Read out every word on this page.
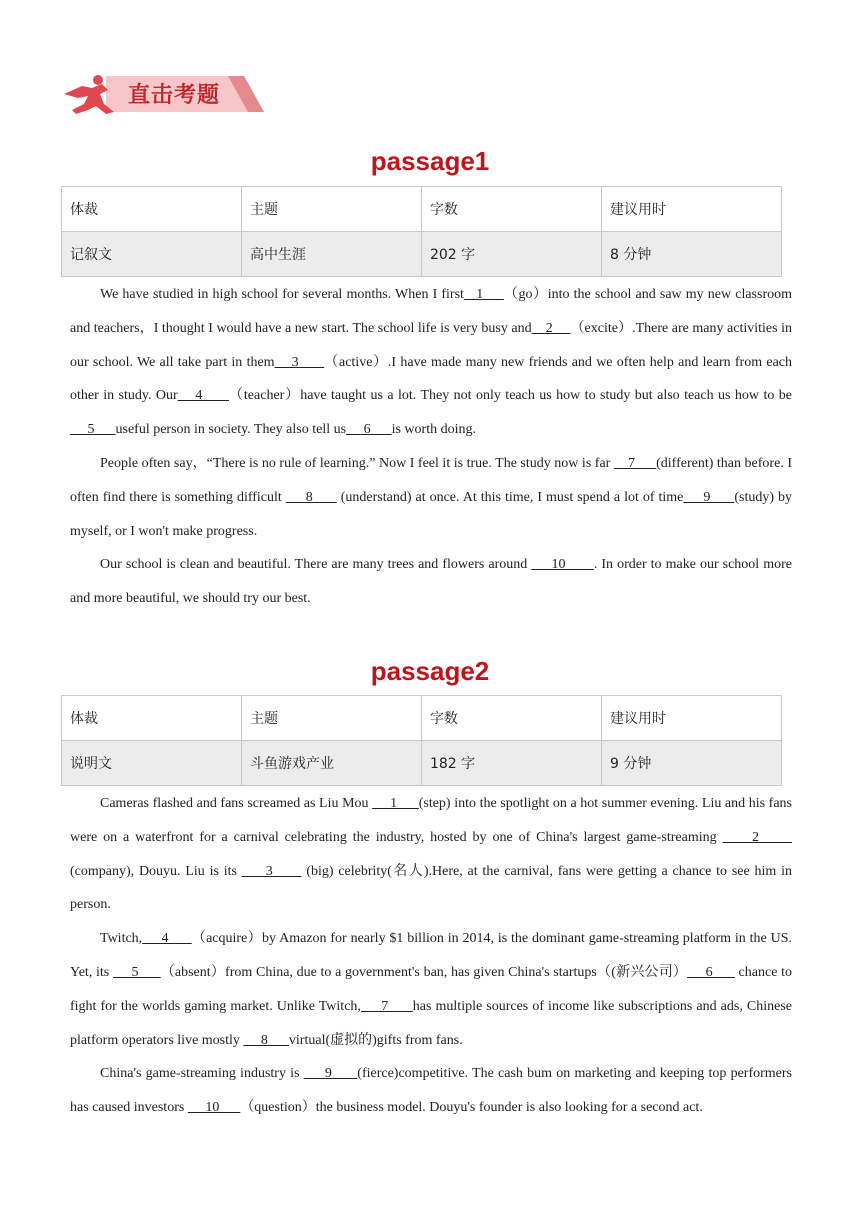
直击考题
passage1
体裁	主题	字数	建议用时
记叙文	高中生涯	202 字	8 分钟

We have studied in high school for several months. When I first   1     （go）into the school and saw my new classroom and teachers，I thought I would have a new start. The school life is very busy and    2     （excite）.There are many activities in our school. We all take part in them    3      （active）.I have made many new friends and we often help and learn from each other in study. Our    4      （teacher）have taught us a lot. They not only teach us how to study but also teach us how to be     5      useful person in society. They also tell us     6      is worth doing.

People often say，“There is no rule of learning.” Now I feel it is true. The study now is far     7      (different) than before. I often find there is something difficult      8       (understand) at once. At this time, I must spend a lot of time     9      (study) by myself, or I won't make progress.

Our school is clean and beautiful. There are many trees and flowers around      10       . In order to make our school more and more beautiful, we should try our best.

passage2
体裁	主题	字数	建议用时
说明文	斗鱼游戏产业	182 字	9 分钟

Cameras flashed and fans screamed as Liu Mou      1      (step) into the spotlight on a hot summer evening. Liu and his fans were on a waterfront for a carnival celebrating the industry, hosted by one of China's largest game-streaming      2       (company), Douyu. Liu is its      3       (big) celebrity(名人).Here, at the carnival, fans were getting a chance to see him in person.

Twitch,     4      （acquire）by Amazon for nearly $1 billion in 2014, is the dominant game-streaming platform in the US. Yet, its      5      （absent）from China, due to a government's ban, has given China's startups（(新兴公司）     6       chance to fight for the worlds gaming market. Unlike Twitch,     7      has multiple sources of income like subscriptions and ads, Chinese platform operators live mostly      8      virtual(虚拟的)gifts from fans.

China's game-streaming industry is      9      (fierce)competitive. The cash bum on marketing and keeping top performers has caused investors      10      （question）the business model. Douyu's founder is also looking for a second act.
